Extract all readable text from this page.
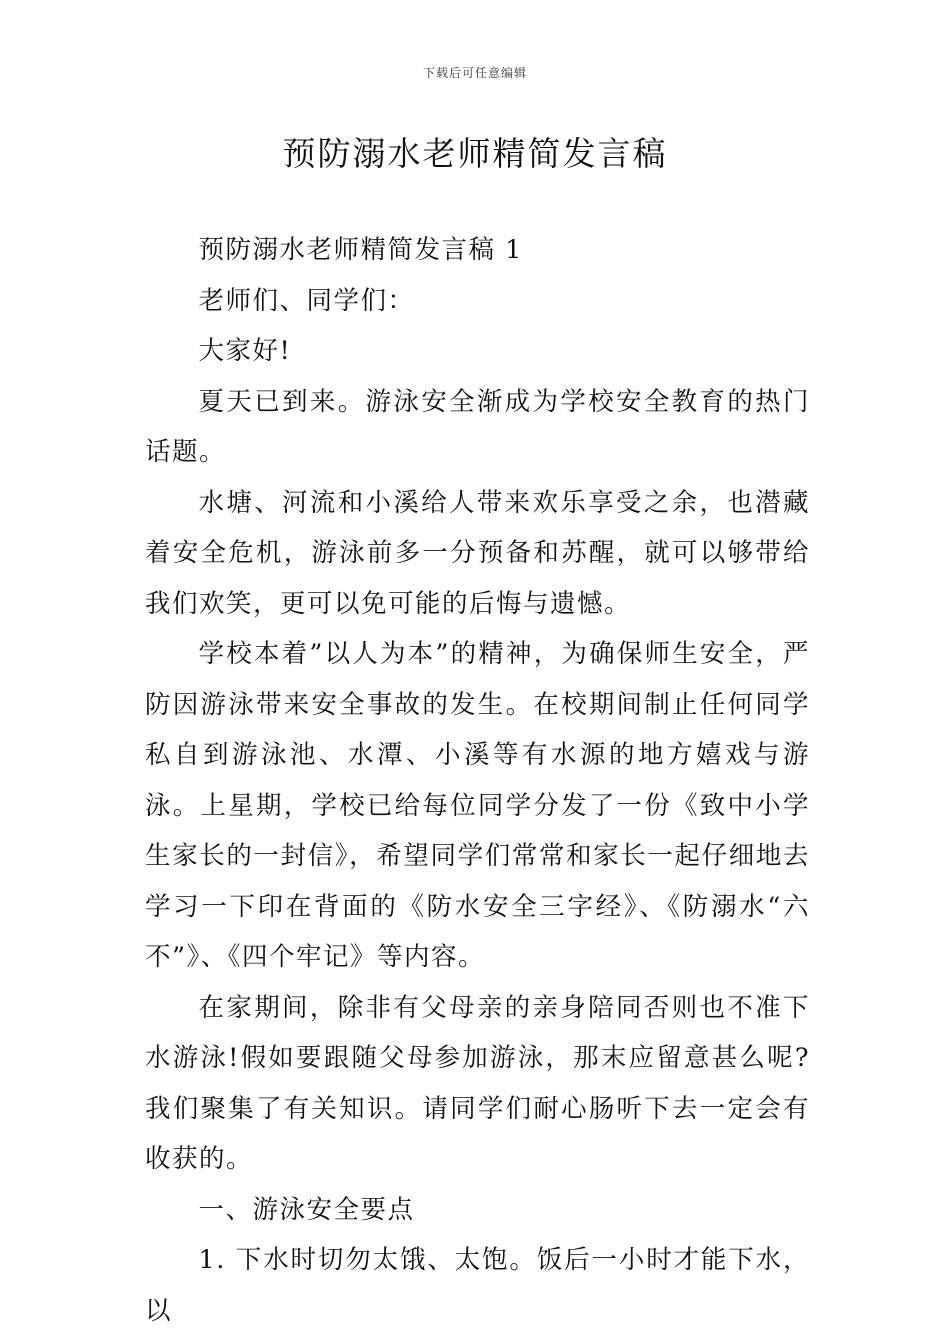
下载后可任意编辑
预防溺水老师精简发言稿

预防溺水老师精简发言稿 1

老师们、同学们：

大家好!

夏天已到来。游泳安全渐成为学校安全教育的热门话题。

水塘、河流和小溪给人带来欢乐享受之余，也潜藏着安全危机，游泳前多一分预备和苏醒，就可以够带给我们欢笑，更可以免可能的后悔与遗憾。

学校本着”以人为本”的精神，为确保师生安全，严防因游泳带来安全事故的发生。在校期间制止任何同学私自到游泳池、水潭、小溪等有水源的地方嬉戏与游泳。上星期，学校已给每位同学分发了一份《致中小学生家长的一封信》，希望同学们常常和家长一起仔细地去学习一下印在背面的《防水安全三字经》、《防溺水“六不”》、《四个牢记》等内容。

在家期间，除非有父母亲的亲身陪同否则也不准下水游泳!假如要跟随父母参加游泳，那末应留意甚么呢?我们聚集了有关知识。请同学们耐心肠听下去一定会有收获的。

一、游泳安全要点

1. 下水时切勿太饿、太饱。饭后一小时才能下水，以
